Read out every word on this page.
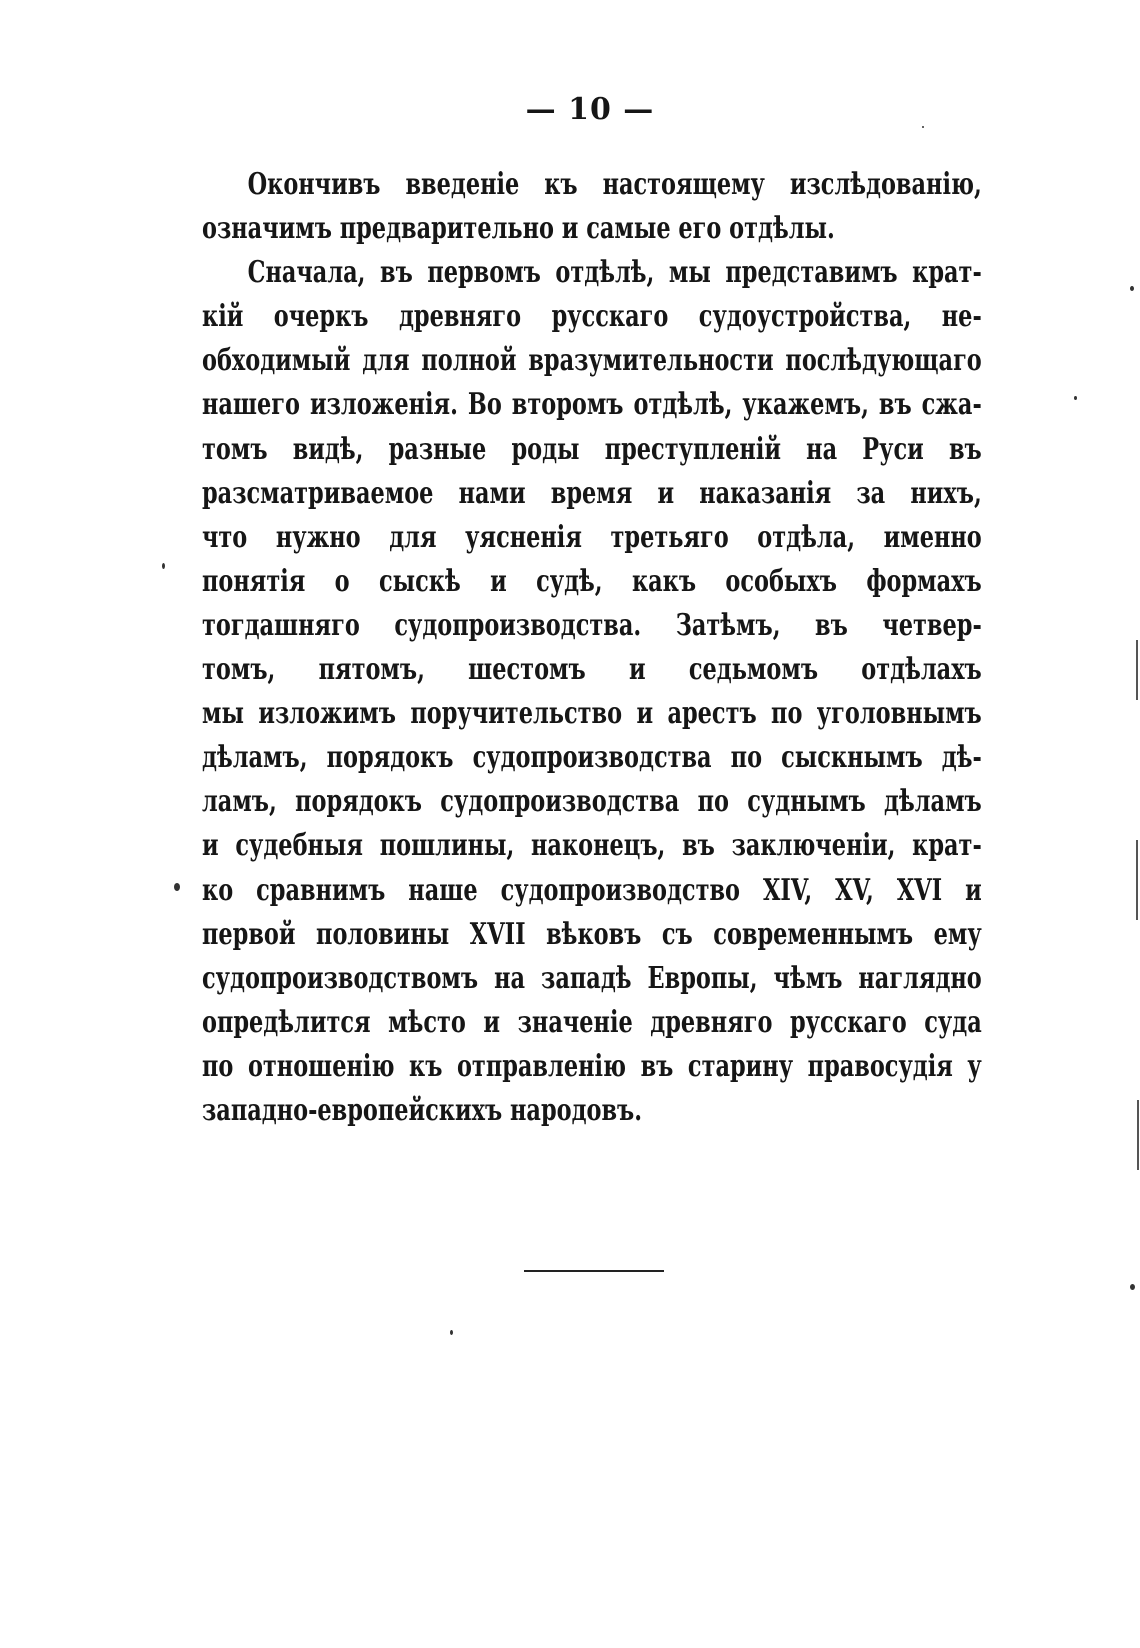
— 10 —
Окончивъ введеніе къ настоящему изслѣдованію,
означимъ предварительно и самые его отдѣлы.
Сначала, въ первомъ отдѣлѣ, мы представимъ крат-
кій очеркъ древняго русскаго судоустройства, не-
обходимый для полной вразумительности послѣдующаго
нашего изложенія. Во второмъ отдѣлѣ, укажемъ, въ сжа-
томъ видѣ, разные роды преступленій на Руси въ
разсматриваемое нами время и наказанія за нихъ,
что нужно для уясненія третьяго отдѣла, именно
понятія о сыскѣ и судѣ, какъ особыхъ формахъ
тогдашняго судопроизводства. Затѣмъ, въ четвер-
томъ, пятомъ, шестомъ и седьмомъ отдѣлахъ
мы изложимъ поручительство и арестъ по уголовнымъ
дѣламъ, порядокъ судопроизводства по сыскнымъ дѣ-
ламъ, порядокъ судопроизводства по суднымъ дѣламъ
и судебныя пошлины, наконецъ, въ заключеніи, крат-
ко сравнимъ наше судопроизводство XIV, XV, XVI и
первой половины XVII вѣковъ съ современнымъ ему
судопроизводствомъ на западѣ Европы, чѣмъ наглядно
опредѣлится мѣсто и значеніе древняго русскаго суда
по отношенію къ отправленію въ старину правосудія у
западно-европейскихъ народовъ.
